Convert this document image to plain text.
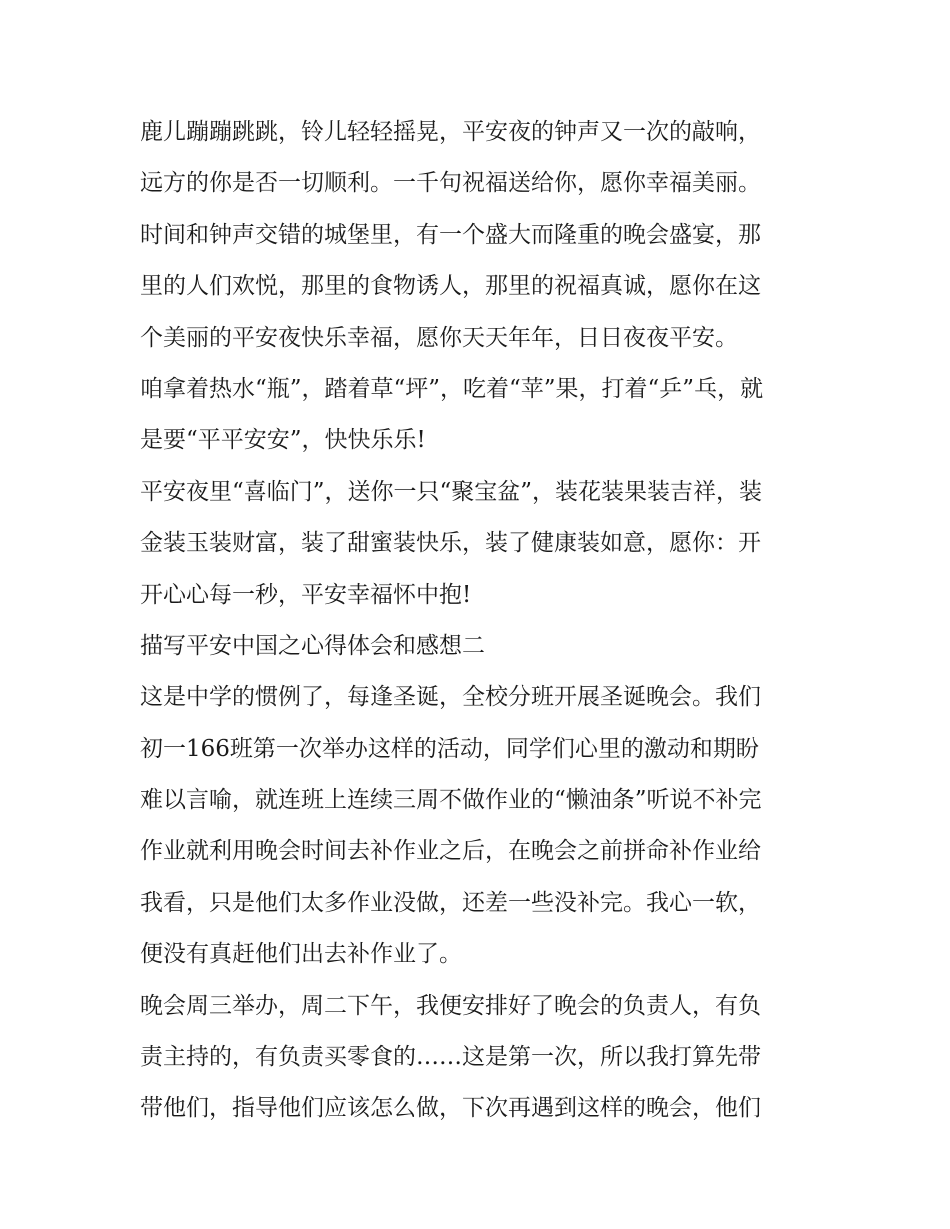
鹿儿蹦蹦跳跳，铃儿轻轻摇晃，平安夜的钟声又一次的敲响，
远方的你是否一切顺利。一千句祝福送给你，愿你幸福美丽。

时间和钟声交错的城堡里，有一个盛大而隆重的晚会盛宴，那
里的人们欢悦，那里的食物诱人，那里的祝福真诚，愿你在这
个美丽的平安夜快乐幸福，愿你天天年年，日日夜夜平安。

咱拿着热水“瓶”，踏着草“坪”，吃着“苹”果，打着“乒”乓，就
是要“平平安安”，快快乐乐!

平安夜里“喜临门”，送你一只“聚宝盆”，装花装果装吉祥，装
金装玉装财富，装了甜蜜装快乐，装了健康装如意，愿你：开
开心心每一秒，平安幸福怀中抱!

描写平安中国之心得体会和感想二

这是中学的惯例了，每逢圣诞，全校分班开展圣诞晚会。我们
初一166班第一次举办这样的活动，同学们心里的激动和期盼
难以言喻，就连班上连续三周不做作业的“懒油条”听说不补完
作业就利用晚会时间去补作业之后，在晚会之前拼命补作业给
我看，只是他们太多作业没做，还差一些没补完。我心一软，
便没有真赶他们出去补作业了。

晚会周三举办，周二下午，我便安排好了晚会的负责人，有负
责主持的，有负责买零食的……这是第一次，所以我打算先带
带他们，指导他们应该怎么做，下次再遇到这样的晚会，他们
